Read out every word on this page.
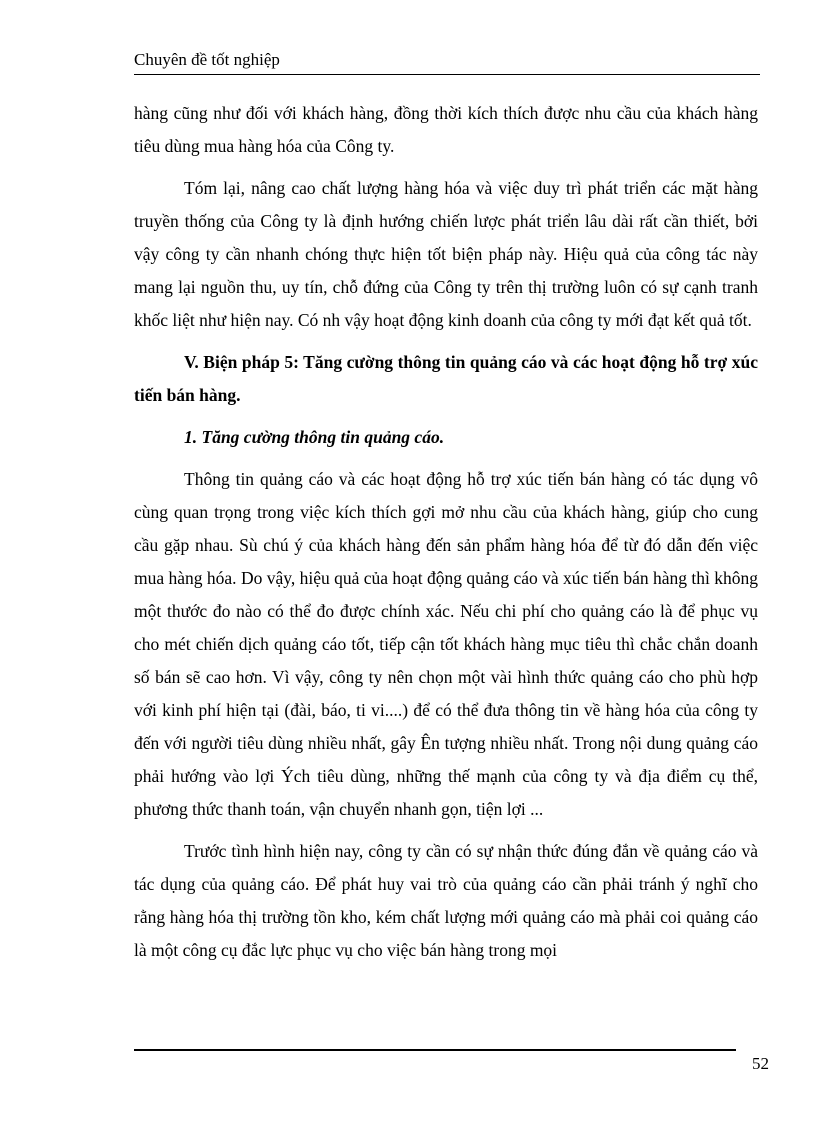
Chuyên đề tốt nghiệp

hàng cũng như đối với khách hàng, đồng thời kích thích được nhu cầu của khách hàng tiêu dùng mua hàng hóa của Công ty.

Tóm lại, nâng cao chất lượng hàng hóa và việc duy trì phát triển các mặt hàng truyền thống của Công ty là định hướng chiến lược phát triển lâu dài rất cần thiết, bởi vậy công ty cần nhanh chóng thực hiện tốt biện pháp này. Hiệu quả của công tác này mang lại nguồn thu, uy tín, chỗ đứng của Công ty trên thị trường luôn có sự cạnh tranh khốc liệt như hiện nay. Có nh vậy hoạt động kinh doanh của công ty mới đạt kết quả tốt.

V. Biện pháp 5: Tăng cường thông tin quảng cáo và các hoạt động hỗ trợ xúc tiến bán hàng.

1. Tăng cường thông tin quảng cáo.

Thông tin quảng cáo và các hoạt động hỗ trợ xúc tiến bán hàng có tác dụng vô cùng quan trọng trong việc kích thích gợi mở nhu cầu của khách hàng, giúp cho cung cầu gặp nhau. Sù chú ý của khách hàng đến sản phẩm hàng hóa để từ đó dẫn đến việc mua hàng hóa. Do vậy, hiệu quả của hoạt động quảng cáo và xúc tiến bán hàng thì không một thước đo nào có thể đo được chính xác. Nếu chi phí cho quảng cáo là để phục vụ cho mét chiến dịch quảng cáo tốt, tiếp cận tốt khách hàng mục tiêu thì chắc chắn doanh số bán sẽ cao hơn. Vì vậy, công ty nên chọn một vài hình thức quảng cáo cho phù hợp với kinh phí hiện tại (đài, báo, ti vi....) để có thể đưa thông tin về hàng hóa của công ty đến với người tiêu dùng nhiều nhất, gây Ên tượng nhiều nhất. Trong nội dung quảng cáo phải hướng vào lợi Ých tiêu dùng, những thế mạnh của công ty và địa điểm cụ thể, phương thức thanh toán, vận chuyển nhanh gọn, tiện lợi ...

Trước tình hình hiện nay, công ty cần có sự nhận thức đúng đắn về quảng cáo và tác dụng của quảng cáo. Để phát huy vai trò của quảng cáo cần phải tránh ý nghĩ cho rằng hàng hóa thị trường tồn kho, kém chất lượng mới quảng cáo mà phải coi quảng cáo là một công cụ đắc lực phục vụ cho việc bán hàng trong mọi

52
